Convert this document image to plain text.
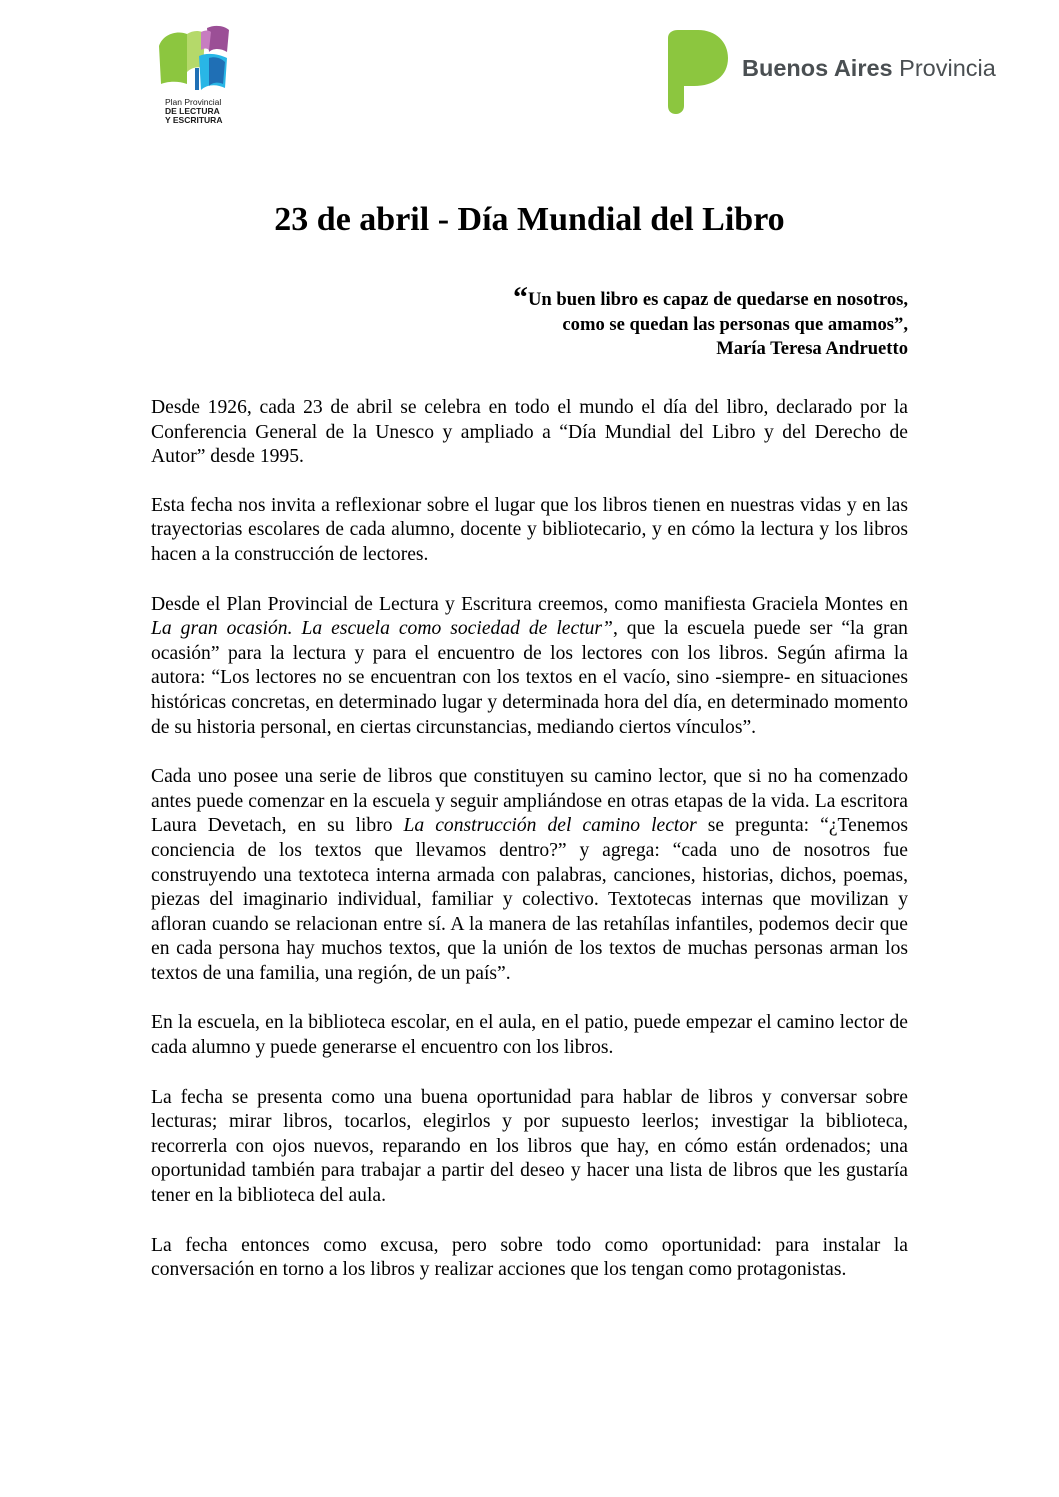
Plan Provincial
DE LECTURA
Y ESCRITURA
Buenos Aires Provincia
23 de abril - Día Mundial del Libro
“Un buen libro es capaz de quedarse en nosotros,
como se quedan las personas que amamos”,
María Teresa Andruetto

Desde 1926, cada 23 de abril se celebra en todo el mundo el día del libro, declarado por la Conferencia General de la Unesco y ampliado a “Día Mundial del Libro y del Derecho de Autor” desde 1995.

Esta fecha nos invita a reflexionar sobre el lugar que los libros tienen en nuestras vidas y en las trayectorias escolares de cada alumno, docente y bibliotecario, y en cómo la lectura y los libros hacen a la construcción de lectores.

Desde el Plan Provincial de Lectura y Escritura creemos, como manifiesta Graciela Montes en La gran ocasión. La escuela como sociedad de lectur”, que la escuela puede ser “la gran ocasión” para la lectura y para el encuentro de los lectores con los libros. Según afirma la autora: “Los lectores no se encuentran con los textos en el vacío, sino -siempre- en situaciones históricas concretas, en determinado lugar y determinada hora del día, en determinado momento de su historia personal, en ciertas circunstancias, mediando ciertos vínculos”.

Cada uno posee una serie de libros que constituyen su camino lector, que si no ha comenzado antes puede comenzar en la escuela y seguir ampliándose en otras etapas de la vida. La escritora Laura Devetach, en su libro La construcción del camino lector se pregunta: “¿Tenemos conciencia de los textos que llevamos dentro?” y agrega: “cada uno de nosotros fue construyendo una textoteca interna armada con palabras, canciones, historias, dichos, poemas, piezas del imaginario individual, familiar y colectivo. Textotecas internas que movilizan y afloran cuando se relacionan entre sí. A la manera de las retahílas infantiles, podemos decir que en cada persona hay muchos textos, que la unión de los textos de muchas personas arman los textos de una familia, una región, de un país”.

En la escuela, en la biblioteca escolar, en el aula, en el patio, puede empezar el camino lector de cada alumno y puede generarse el encuentro con los libros.

La fecha se presenta como una buena oportunidad para hablar de libros y conversar sobre lecturas; mirar libros, tocarlos, elegirlos y por supuesto leerlos; investigar la biblioteca, recorrerla con ojos nuevos, reparando en los libros que hay, en cómo están ordenados; una oportunidad también para trabajar a partir del deseo y hacer una lista de libros que les gustaría tener en la biblioteca del aula.

La fecha entonces como excusa, pero sobre todo como oportunidad: para instalar la conversación en torno a los libros y realizar acciones que los tengan como protagonistas.
